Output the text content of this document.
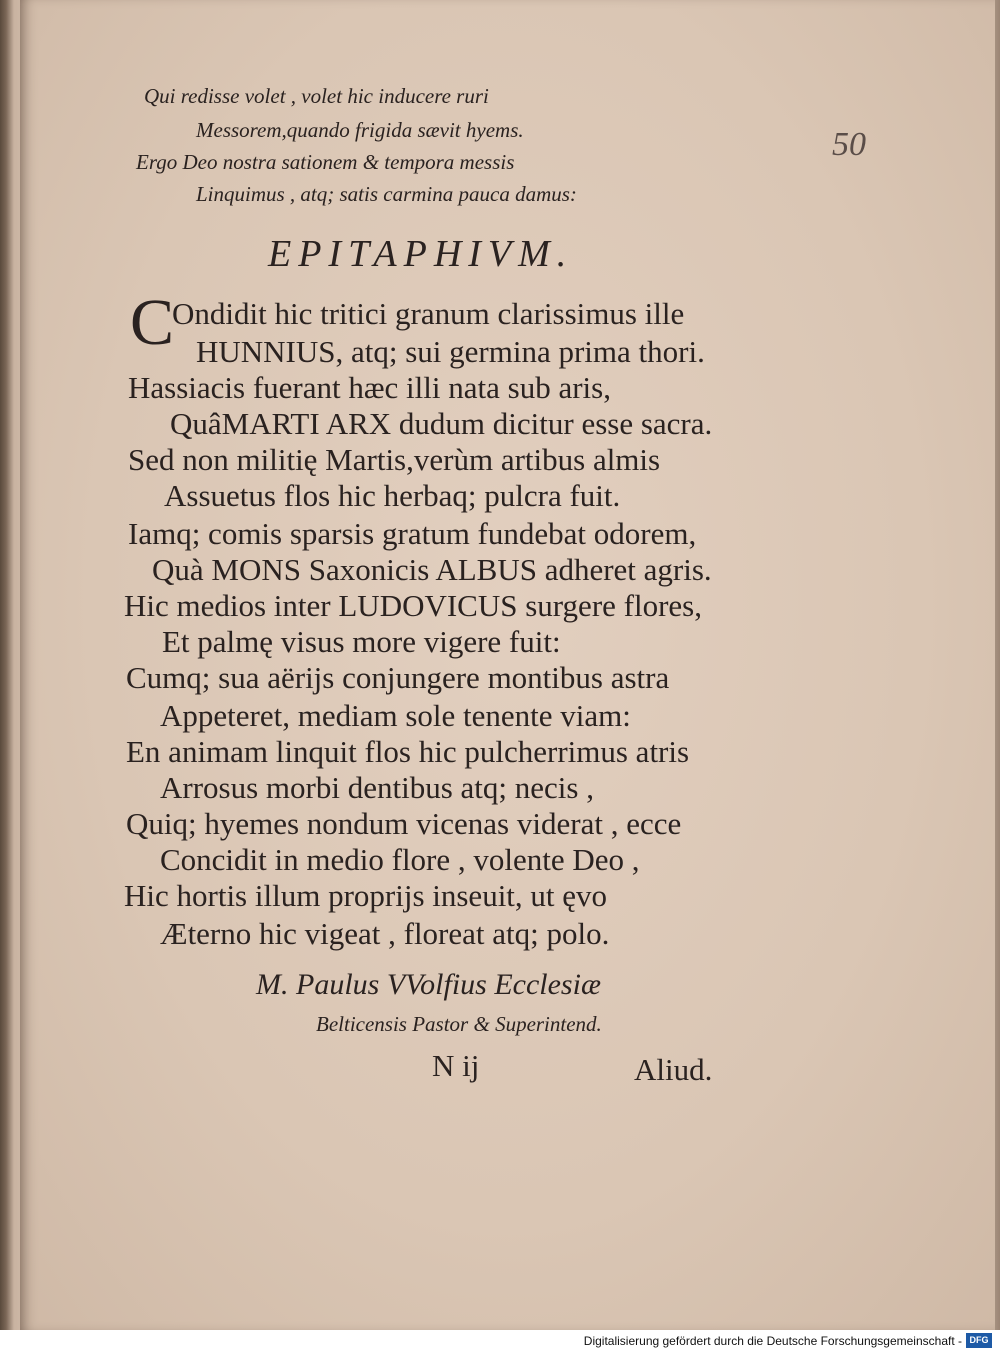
Qui redisse volet , volet hic inducere ruri
Messorem,quando frigida sævit hyems.
Ergo Deo nostra sationem & tempora messis
Linquimus , atq; satis carmina pauca damus:
50
EPITAPHIVM.
C
Ondidit hic tritici granum clarissimus ille
HUNNIUS, atq; sui germina prima thori.
Hassiacis fuerant hæc illi nata sub aris,
QuâMARTI ARX dudum dicitur esse sacra.
Sed non militię Martis,verùm artibus almis
Assuetus flos hic herbaq; pulcra fuit.
Iamq; comis sparsis gratum fundebat odorem,
Quà MONS Saxonicis ALBUS adheret agris.
Hic medios inter LUDOVICUS surgere flores,
Et palmę visus more vigere fuit:
Cumq; sua aërijs conjungere montibus astra
Appeteret, mediam sole tenente viam:
En animam linquit flos hic pulcherrimus atris
Arrosus morbi dentibus atq; necis ,
Quiq; hyemes nondum vicenas viderat , ecce
Concidit in medio flore , volente Deo ,
Hic hortis illum proprijs inseuit, ut ęvo
Æterno hic vigeat , floreat atq; polo.
M. Paulus VVolfius Ecclesiæ
Belticensis Pastor & Superintend.
N ij	Aliud.
Digitalisierung gefördert durch die Deutsche Forschungsgemeinschaft - DFG
